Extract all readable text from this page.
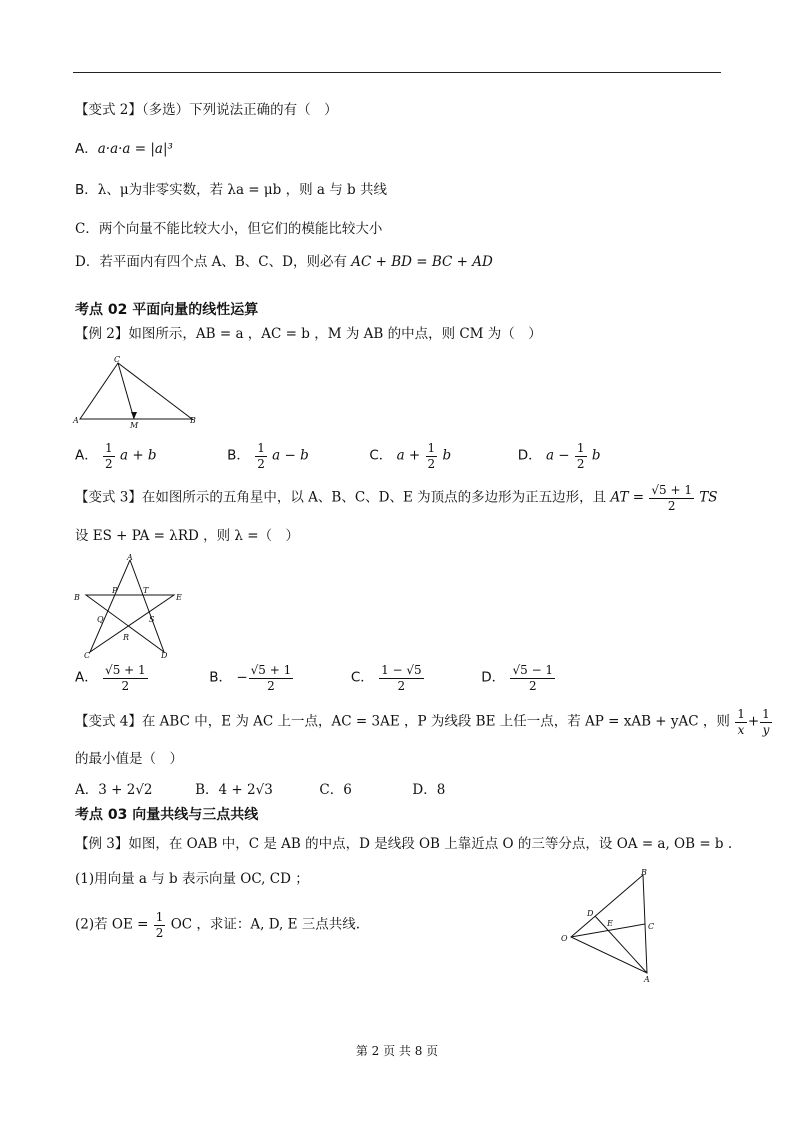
【变式 2】（多选）下列说法正确的有（　）
A．a·a·a = |a|³
B．λ、μ为非零实数，若 λa = μb ，则 a 与 b 共线
C．两个向量不能比较大小，但它们的模能比较大小
D．若平面内有四个点 A、B、C、D，则必有 AC + BD = BC + AD
考点 02 平面向量的线性运算
【例 2】如图所示，AB = a ，AC = b ，M 为 AB 的中点，则 CM 为（　）
C
A
M
B
A． $\frac{1}{2}$ a + b	B． $\frac{1}{2}$ a − b	C． $a + \frac{1}{2}$ b	D． $a - \frac{1}{2}$ b
【变式 3】在如图所示的五角星中，以 A、B、C、D、E 为顶点的多边形为正五边形，且 AT = $\frac{√5 + 1}{2}$ TS
设 ES + PA = λRD ，则 λ =（　）
A
B	E
P	T
Q	S
R
C	D
A． $\frac{√5 + 1}{2}$	B． − $\frac{√5 + 1}{2}$	C． $\frac{1 - √5}{2}$	D． $\frac{√5 - 1}{2}$
【变式 4】在 ABC 中，E 为 AC 上一点，AC = 3AE ，P 为线段 BE 上任一点，若 AP = xAB + yAC ，则 $\frac{1}{x} + \frac{1}{y}$
的最小值是（　）
A．3 + 2√2	B．4 + 2√3	C．6	D．8
考点 03 向量共线与三点共线
【例 3】如图，在 OAB 中，C 是 AB 的中点，D 是线段 OB 上靠近点 O 的三等分点，设 OA = a, OB = b .
(1)用向量 a 与 b 表示向量 OC, CD ；
(2)若 OE = $\frac{1}{2}$ OC ，求证：A, D, E 三点共线.
B
D
E	C
O
A
第 2 页 共 8 页
